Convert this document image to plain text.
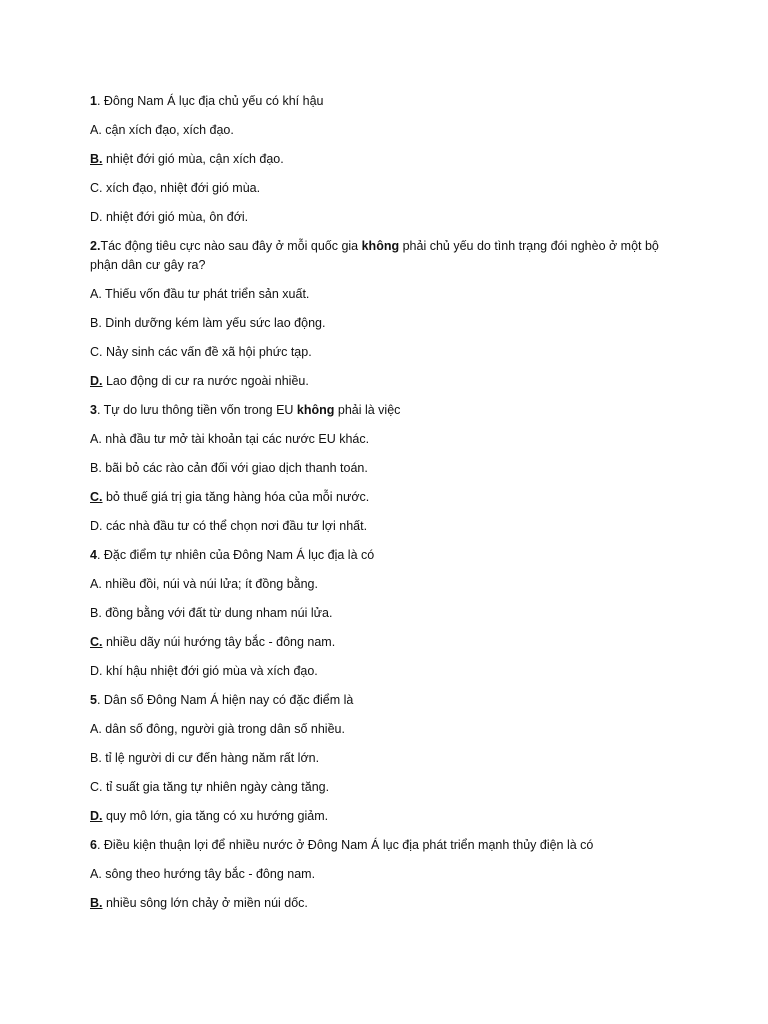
1. Đông Nam Á lục địa chủ yếu có khí hậu

A. cận xích đạo, xích đạo.

B. nhiệt đới gió mùa, cận xích đạo.

C. xích đạo, nhiệt đới gió mùa.

D. nhiệt đới gió mùa, ôn đới.

2.Tác động tiêu cực nào sau đây ở mỗi quốc gia không phải chủ yếu do tình trạng đói nghèo ở một bộ phận dân cư gây ra?

A. Thiếu vốn đầu tư phát triển sản xuất.

B. Dinh dưỡng kém làm yếu sức lao động.

C. Nảy sinh các vấn đề xã hội phức tạp.

D. Lao động di cư ra nước ngoài nhiều.

3. Tự do lưu thông tiền vốn trong EU không phải là việc

A. nhà đầu tư mở tài khoản tại các nước EU khác.

B. bãi bỏ các rào cản đối với giao dịch thanh toán.

C. bỏ thuế giá trị gia tăng hàng hóa của mỗi nước.

D. các nhà đầu tư có thể chọn nơi đầu tư lợi nhất.

4. Đặc điểm tự nhiên của Đông Nam Á lục địa là có

A. nhiều đồi, núi và núi lửa; ít đồng bằng.

B. đồng bằng với đất từ dung nham núi lửa.

C. nhiều dãy núi hướng tây bắc - đông nam.

D. khí hậu nhiệt đới gió mùa và xích đạo.

5. Dân số Đông Nam Á hiện nay có đặc điểm là

A. dân số đông, người già trong dân số nhiều.

B. tỉ lệ người di cư đến hàng năm rất lớn.

C. tỉ suất gia tăng tự nhiên ngày càng tăng.

D. quy mô lớn, gia tăng có xu hướng giảm.

6. Điều kiện thuận lợi để nhiều nước ở Đông Nam Á lục địa phát triển mạnh thủy điện là có

A. sông theo hướng tây bắc - đông nam.

B. nhiều sông lớn chảy ở miền núi dốc.
